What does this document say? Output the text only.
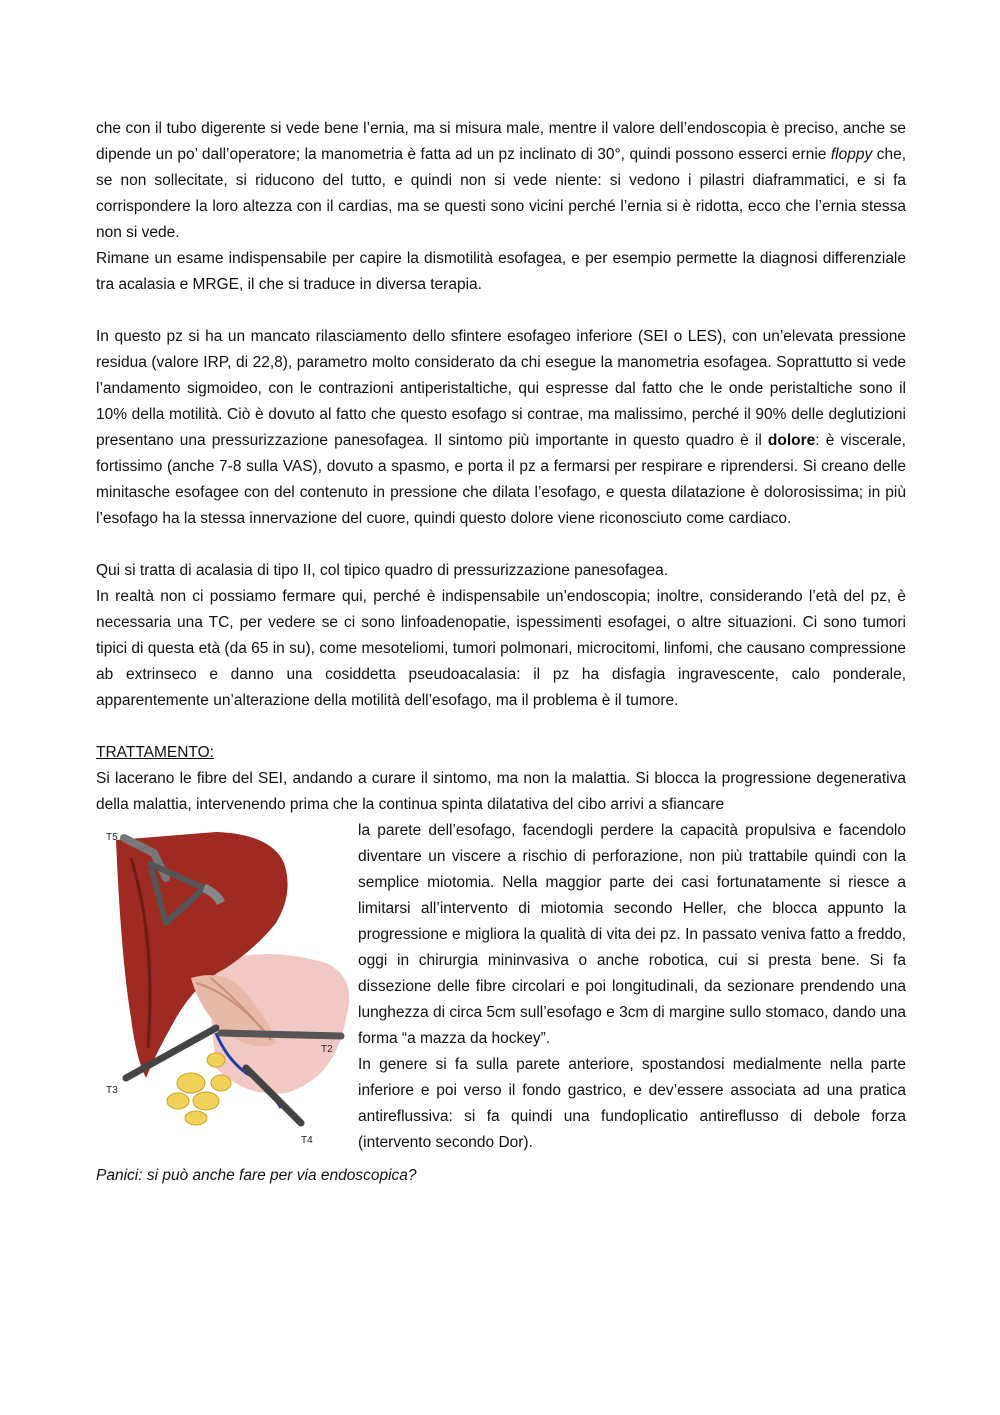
che con il tubo digerente si vede bene l’ernia, ma si misura male, mentre il valore dell’endoscopia è preciso, anche se dipende un po’ dall’operatore; la manometria è fatta ad un pz inclinato di 30°, quindi possono esserci ernie floppy che, se non sollecitate, si riducono del tutto, e quindi non si vede niente: si vedono i pilastri diaframmatici, e si fa corrispondere la loro altezza con il cardias, ma se questi sono vicini perché l’ernia si è ridotta, ecco che l’ernia stessa non si vede.

Rimane un esame indispensabile per capire la dismotilità esofagea, e per esempio permette la diagnosi differenziale tra acalasia e MRGE, il che si traduce in diversa terapia.

In questo pz si ha un mancato rilasciamento dello sfintere esofageo inferiore (SEI o LES), con un’elevata pressione residua (valore IRP, di 22,8), parametro molto considerato da chi esegue la manometria esofagea. Soprattutto si vede l’andamento sigmoideo, con le contrazioni antiperistaltiche, qui espresse dal fatto che le onde peristaltiche sono il 10% della motilità. Ciò è dovuto al fatto che questo esofago si contrae, ma malissimo, perché il 90% delle deglutizioni presentano una pressurizzazione panesofagea. Il sintomo più importante in questo quadro è il dolore: è viscerale, fortissimo (anche 7-8 sulla VAS), dovuto a spasmo, e porta il pz a fermarsi per respirare e riprendersi. Si creano delle minitasche esofagee con del contenuto in pressione che dilata l’esofago, e questa dilatazione è dolorosissima; in più l’esofago ha la stessa innervazione del cuore, quindi questo dolore viene riconosciuto come cardiaco.

Qui si tratta di acalasia di tipo II, col tipico quadro di pressurizzazione panesofagea.

In realtà non ci possiamo fermare qui, perché è indispensabile un’endoscopia; inoltre, considerando l’età del pz, è necessaria una TC, per vedere se ci sono linfoadenopatie, ispessimenti esofagei, o altre situazioni. Ci sono tumori tipici di questa età (da 65 in su), come mesoteliomi, tumori polmonari, microcitomi, linfomi, che causano compressione ab extrinseco e danno una cosiddetta pseudoacalasia: il pz ha disfagia ingravescente, calo ponderale, apparentemente un’alterazione della motilità dell’esofago, ma il problema è il tumore.

TRATTAMENTO:

Si lacerano le fibre del SEI, andando a curare il sintomo, ma non la malattia. Si blocca la progressione degenerativa della malattia, intervenendo prima che la continua spinta dilatativa del cibo arrivi a sfiancare

T5
T2
T3
T4

la parete dell’esofago, facendogli perdere la capacità propulsiva e facendolo diventare un viscere a rischio di perforazione, non più trattabile quindi con la semplice miotomia. Nella maggior parte dei casi fortunatamente si riesce a limitarsi all’intervento di miotomia secondo Heller, che blocca appunto la progressione e migliora la qualità di vita dei pz. In passato veniva fatto a freddo, oggi in chirurgia mininvasiva o anche robotica, cui si presta bene. Si fa dissezione delle fibre circolari e poi longitudinali, da sezionare prendendo una lunghezza di circa 5cm sull’esofago e 3cm di margine sullo stomaco, dando una forma “a mazza da hockey”.

In genere si fa sulla parete anteriore, spostandosi medialmente nella parte inferiore e poi verso il fondo gastrico, e dev’essere associata ad una pratica antireflussiva: si fa quindi una fundoplicatio antireflusso di debole forza (intervento secondo Dor).

Panici: si può anche fare per via endoscopica?
